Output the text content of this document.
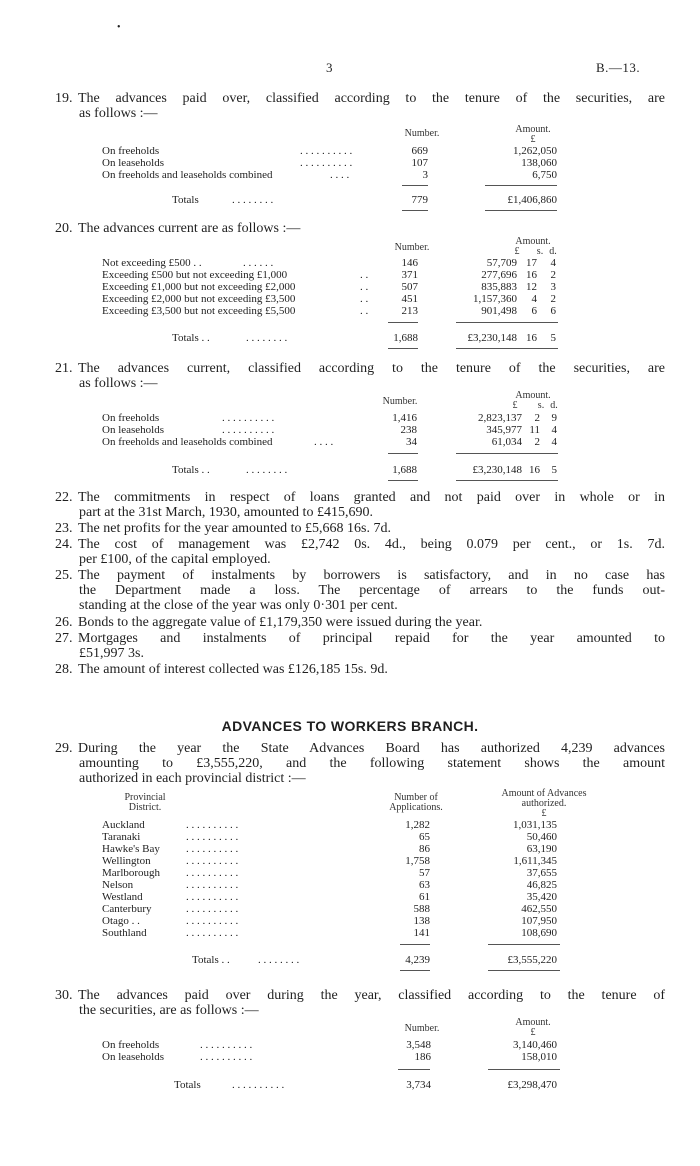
•
3	B.—13.
19. The advances paid over, classified according to the tenure of the securities, are
as follows :—
Number.	Amount.
£
On freeholds	. . . . . . . . . .	669	1,262,050
On leaseholds	. . . . . . . . . .	107	138,060
On freeholds and leaseholds combined	. . . .	3	6,750
Totals	. . . . . . . .	779	£1,406,860
20. The advances current are as follows :—
Number.
Amount.
£	s. d.
Not exceeding £500 . .	. . . . . .	146	57,709 17 4
Exceeding £500 but not exceeding £1,000	. .	371	277,696 16 2
Exceeding £1,000 but not exceeding £2,000	. .	507	835,883 12 3
Exceeding £2,000 but not exceeding £3,500	. .	451	1,157,360 4 2
Exceeding £3,500 but not exceeding £5,500	. .	213	901,498 6 6
Totals . .	. . . . . . . .	1,688	£3,230,148 16 5
21. The advances current, classified according to the tenure of the securities, are
as follows :—
Number.
Amount.
£	s. d.
On freeholds	. . . . . . . . . .	1,416	2,823,137 2 9
On leaseholds	. . . . . . . . . .	238	345,977 11 4
On freeholds and leaseholds combined	. . . .	34	61,034 2 4
Totals . .	. . . . . . . .	1,688	£3,230,148 16 5
22. The commitments in respect of loans granted and not paid over in whole or in
part at the 31st March, 1930, amounted to £415,690.
23. The net profits for the year amounted to £5,668 16s. 7d.
24. The cost of management was £2,742 0s. 4d., being 0.079 per cent., or 1s. 7d.
per £100, of the capital employed.
25. The payment of instalments by borrowers is satisfactory, and in no case has
the Department made a loss. The percentage of arrears to the funds out-
standing at the close of the year was only 0·301 per cent.
26. Bonds to the aggregate value of £1,179,350 were issued during the year.
27. Mortgages and instalments of principal repaid for the year amounted to
£51,997 3s.
28. The amount of interest collected was £126,185 15s. 9d.
ADVANCES TO WORKERS BRANCH.
29. During the year the State Advances Board has authorized 4,239 advances
amounting to £3,555,220, and the following statement shows the amount
authorized in each provincial district :—
Provincial
District.
Number of
Applications.
Amount of Advances
authorized.
£
Auckland	. . . . . . . . . .	1,282	1,031,135
Taranaki	. . . . . . . . . .	65	50,460
Hawke's Bay . . . . . . . . . .	86	63,190
Wellington	. . . . . . . . . .	1,758	1,611,345
Marlborough . . . . . . . . . .	57	37,655
Nelson	. . . . . . . . . .	63	46,825
Westland	. . . . . . . . . .	61	35,420
Canterbury	. . . . . . . . . .	588	462,550
Otago . .	. . . . . . . . . .	138	107,950
Southland	. . . . . . . . . .	141	108,690
Totals . .	. . . . . . . .	4,239	£3,555,220
30. The advances paid over during the year, classified according to the tenure of
the securities, are as follows :—
Number.
Amount.
£
On freeholds	. . . . . . . . . .	3,548	3,140,460
On leaseholds	. . . . . . . . . .	186	158,010
Totals	. . . . . . . . . .	3,734	£3,298,470
